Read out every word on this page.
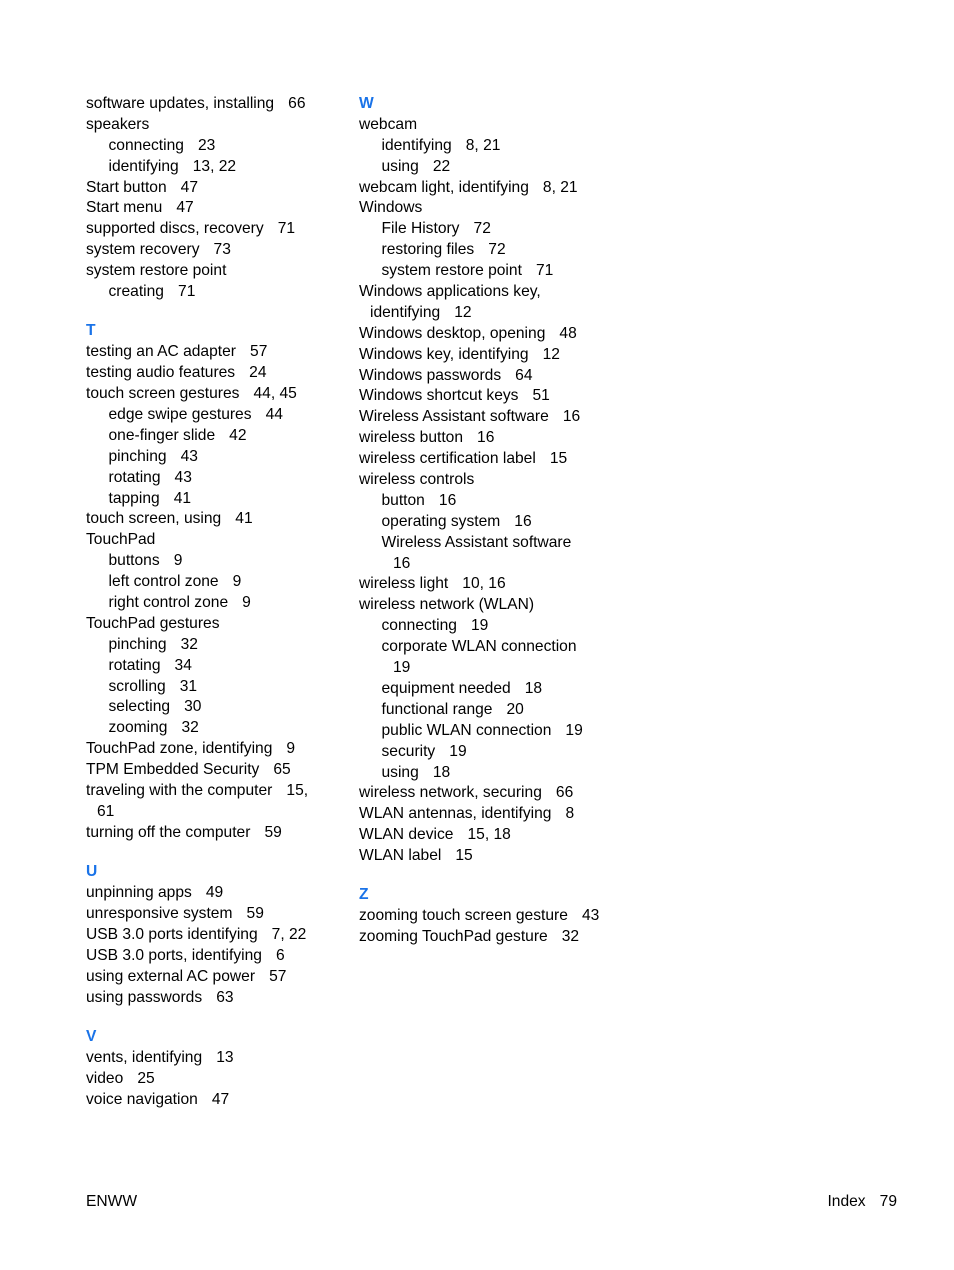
software updates, installing 66
speakers
connecting 23
identifying 13, 22
Start button 47
Start menu 47
supported discs, recovery 71
system recovery 73
system restore point
creating 71
T
testing an AC adapter 57
testing audio features 24
touch screen gestures 44, 45
edge swipe gestures 44
one-finger slide 42
pinching 43
rotating 43
tapping 41
touch screen, using 41
TouchPad
buttons 9
left control zone 9
right control zone 9
TouchPad gestures
pinching 32
rotating 34
scrolling 31
selecting 30
zooming 32
TouchPad zone, identifying 9
TPM Embedded Security 65
traveling with the computer 15,
61
turning off the computer 59
U
unpinning apps 49
unresponsive system 59
USB 3.0 ports identifying 7, 22
USB 3.0 ports, identifying 6
using external AC power 57
using passwords 63
V
vents, identifying 13
video 25
voice navigation 47
W
webcam
identifying 8, 21
using 22
webcam light, identifying 8, 21
Windows
File History 72
restoring files 72
system restore point 71
Windows applications key,
identifying 12
Windows desktop, opening 48
Windows key, identifying 12
Windows passwords 64
Windows shortcut keys 51
Wireless Assistant software 16
wireless button 16
wireless certification label 15
wireless controls
button 16
operating system 16
Wireless Assistant software
16
wireless light 10, 16
wireless network (WLAN)
connecting 19
corporate WLAN connection
19
equipment needed 18
functional range 20
public WLAN connection 19
security 19
using 18
wireless network, securing 66
WLAN antennas, identifying 8
WLAN device 15, 18
WLAN label 15
Z
zooming touch screen gesture 43
zooming TouchPad gesture 32
ENWW	Index 79
